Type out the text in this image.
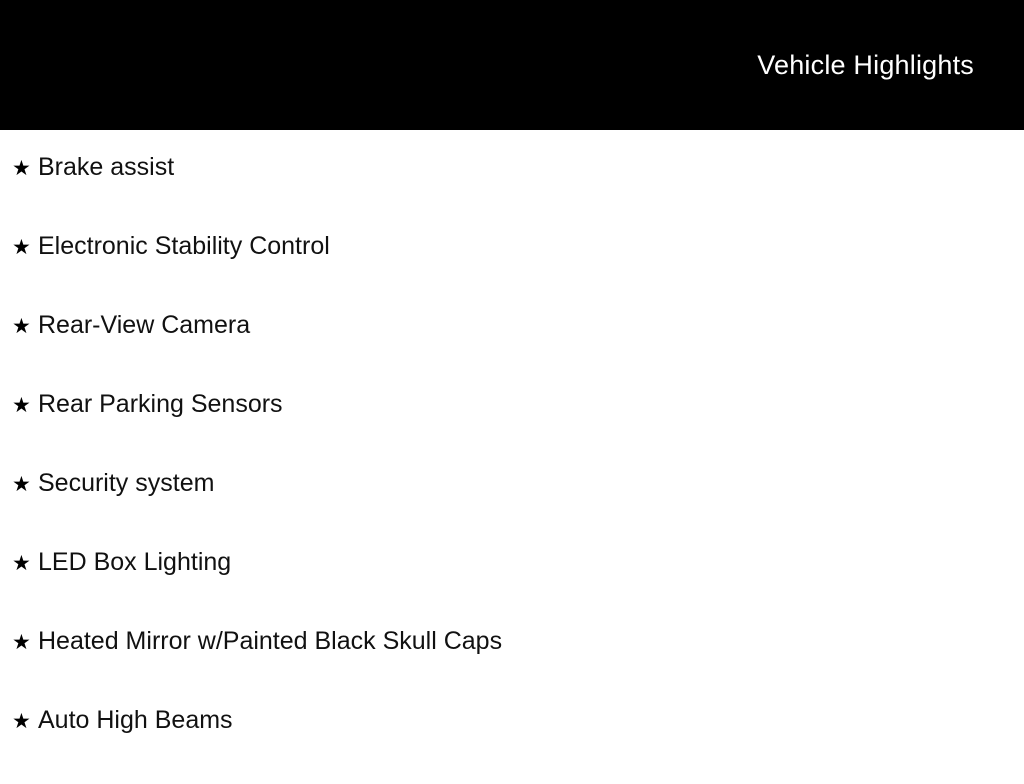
Vehicle Highlights
★ Brake assist
★ Electronic Stability Control
★ Rear-View Camera
★ Rear Parking Sensors
★ Security system
★ LED Box Lighting
★ Heated Mirror w/Painted Black Skull Caps
★ Auto High Beams
